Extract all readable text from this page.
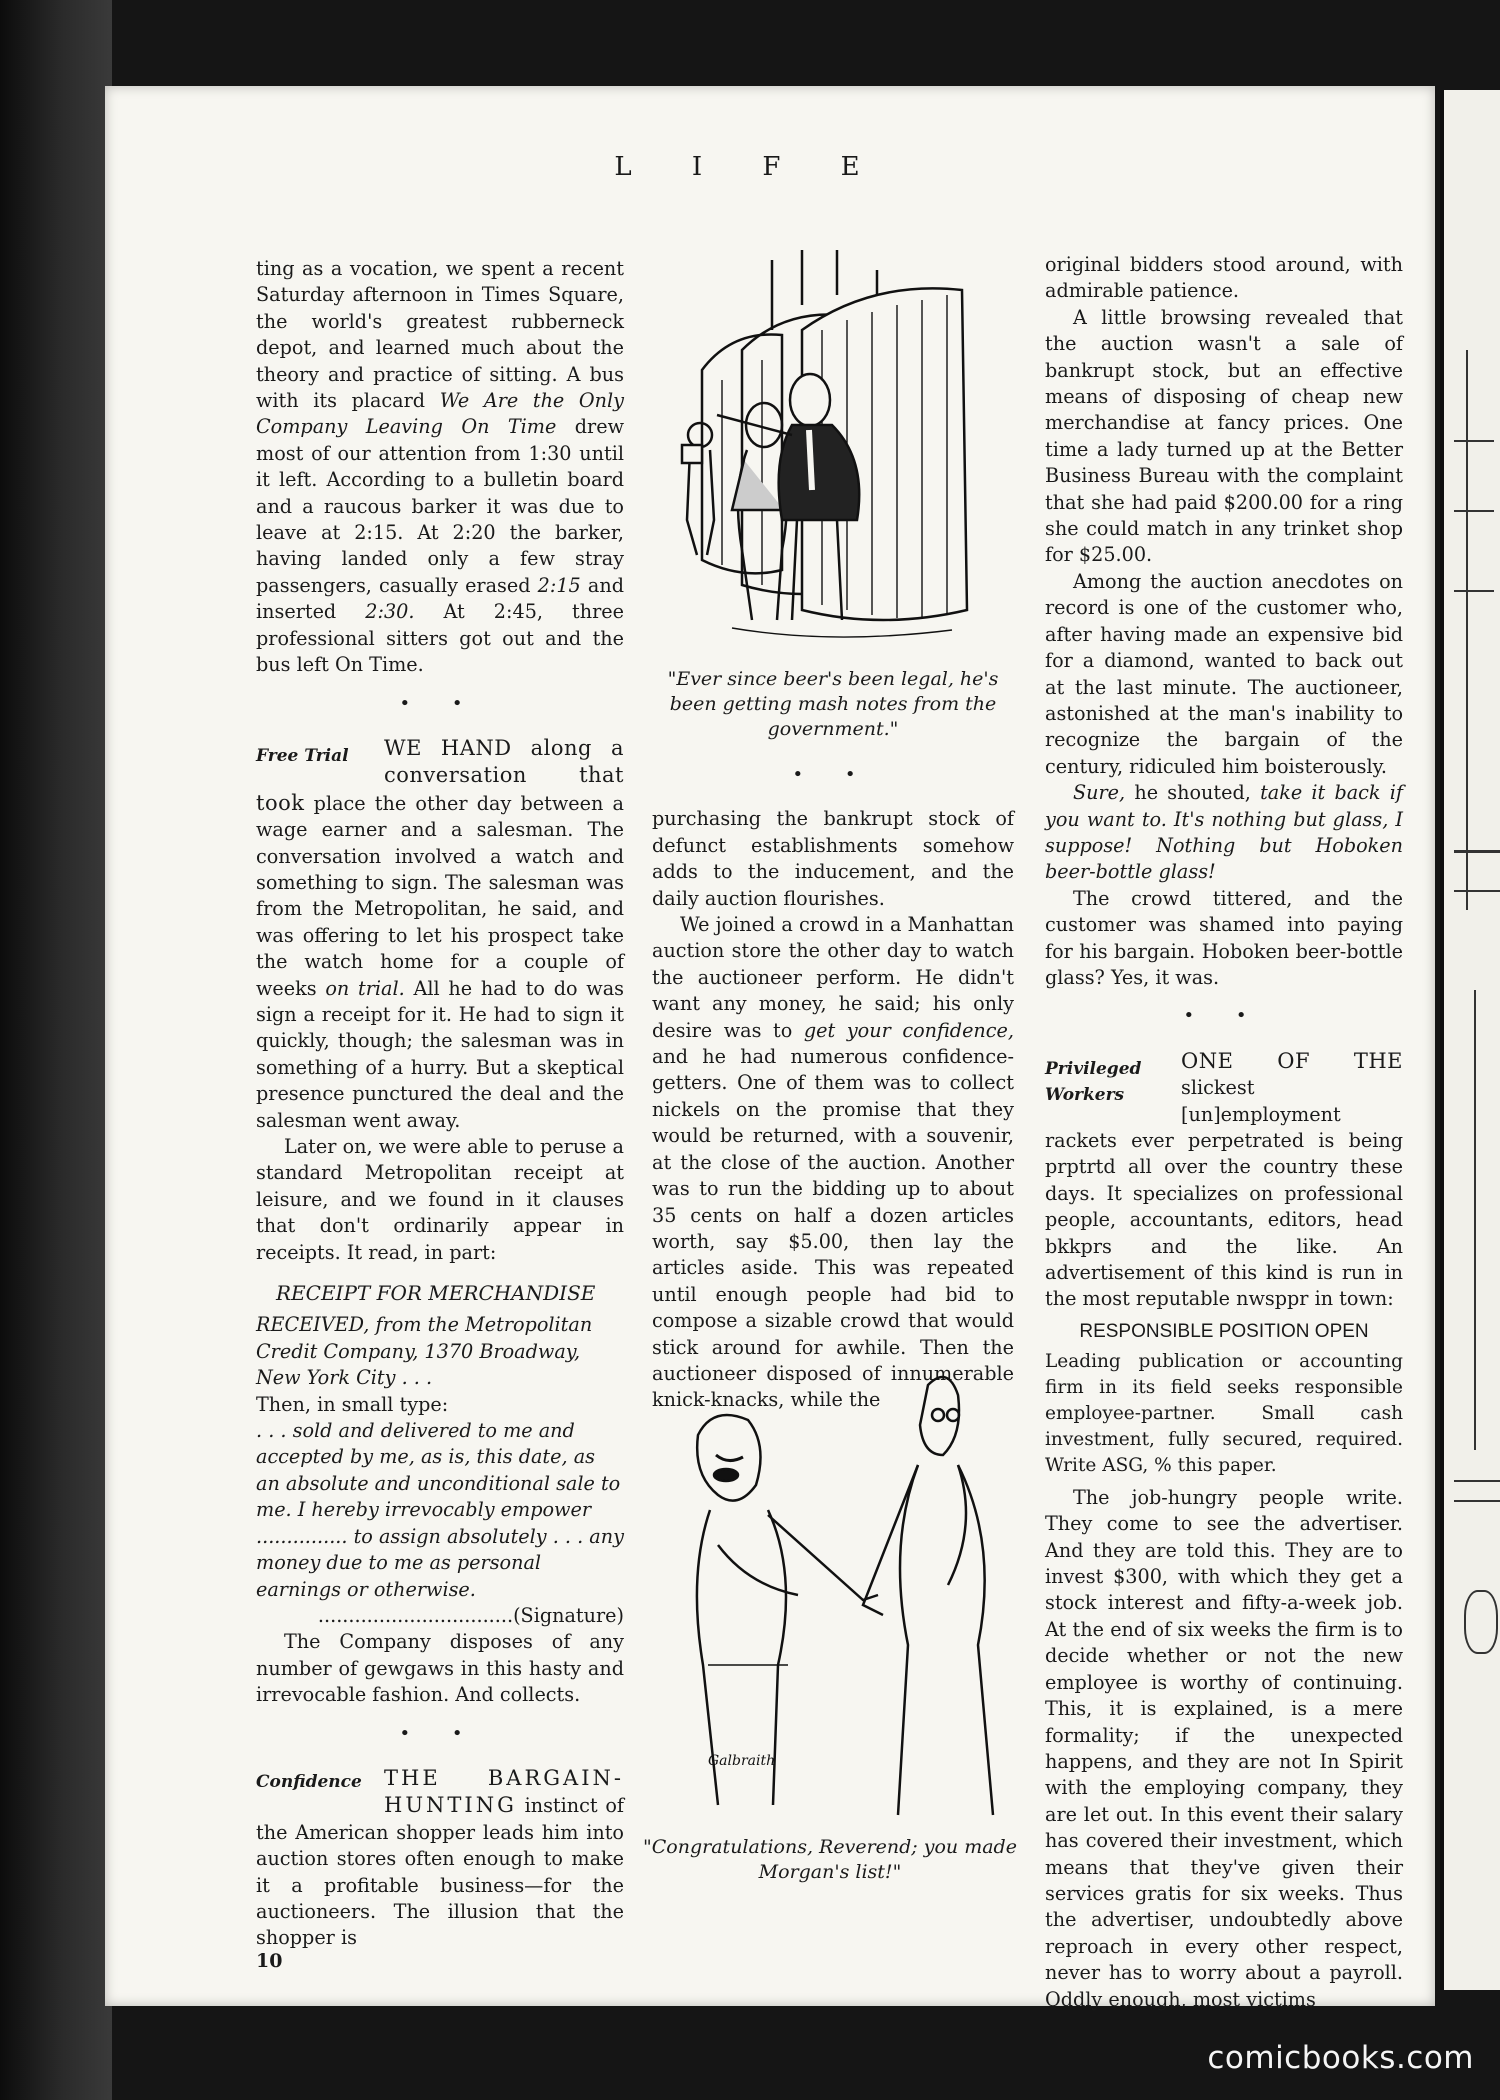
L I F E

ting as a vocation, we spent a recent Saturday afternoon in Times Square, the world's greatest rubberneck depot, and learned much about the theory and practice of sitting. A bus with its placard We Are the Only Company Leaving On Time drew most of our attention from 1:30 until it left. According to a bulletin board and a raucous barker it was due to leave at 2:15. At 2:20 the barker, having landed only a few stray passengers, casually erased 2:15 and inserted 2:30. At 2:45, three professional sitters got out and the bus left On Time.

• •

Free Trial	WE HAND along a conversation that took place the other day between a wage earner and a salesman. The conversation involved a watch and something to sign. The salesman was from the Metropolitan, he said, and was offering to let his prospect take the watch home for a couple of weeks on trial. All he had to do was sign a receipt for it. He had to sign it quickly, though; the salesman was in something of a hurry. But a skeptical presence punctured the deal and the salesman went away.

Later on, we were able to peruse a standard Metropolitan receipt at leisure, and we found in it clauses that don't ordinarily appear in receipts. It read, in part:

RECEIPT FOR MERCHANDISE

RECEIVED, from the Metropolitan Credit Company, 1370 Broadway, New York City . . .

Then, in small type:

. . . sold and delivered to me and accepted by me, as is, this date, as an absolute and unconditional sale to me. I hereby irrevocably empower ............... to assign absolutely . . . any money due to me as personal earnings or otherwise.

................................(Signature)

The Company disposes of any number of gewgaws in this hasty and irrevocable fashion. And collects.

• •

Confidence	THE BARGAIN-HUNTING instinct of the American shopper leads him into auction stores often enough to make it a profitable business—for the auctioneers. The illusion that the shopper is

"Ever since beer's been legal, he's been getting mash notes from the government."
• •

purchasing the bankrupt stock of defunct establishments somehow adds to the inducement, and the daily auction flourishes.

We joined a crowd in a Manhattan auction store the other day to watch the auctioneer perform. He didn't want any money, he said; his only desire was to get your confidence, and he had numerous confidence-getters. One of them was to collect nickels on the promise that they would be returned, with a souvenir, at the close of the auction. Another was to run the bidding up to about 35 cents on half a dozen articles worth, say $5.00, then lay the articles aside. This was repeated until enough people had bid to compose a sizable crowd that would stick around for awhile. Then the auctioneer disposed of innumerable knick-knacks, while the

Galbraith
"Congratulations, Reverend; you made Morgan's list!"

original bidders stood around, with admirable patience.

A little browsing revealed that the auction wasn't a sale of bankrupt stock, but an effective means of disposing of cheap new merchandise at fancy prices. One time a lady turned up at the Better Business Bureau with the complaint that she had paid $200.00 for a ring she could match in any trinket shop for $25.00.

Among the auction anecdotes on record is one of the customer who, after having made an expensive bid for a diamond, wanted to back out at the last minute. The auctioneer, astonished at the man's inability to recognize the bargain of the century, ridiculed him boisterously.

Sure, he shouted, take it back if you want to. It's nothing but glass, I suppose! Nothing but Hoboken beer-bottle glass!

The crowd tittered, and the customer was shamed into paying for his bargain. Hoboken beer-bottle glass? Yes, it was.

• •

Privileged Workers
ONE OF THE slickest [un]employment rackets ever perpetrated is being prptrtd all over the country these days. It specializes on professional people, accountants, editors, head bkkprs and the like. An advertisement of this kind is run in the most reputable nwsppr in town:

RESPONSIBLE POSITION OPEN

Leading publication or accounting firm in its field seeks responsible employee-partner. Small cash investment, fully secured, required. Write ASG, % this paper.

The job-hungry people write. They come to see the advertiser. And they are told this. They are to invest $300, with which they get a stock interest and fifty-a-week job. At the end of six weeks the firm is to decide whether or not the new employee is worthy of continuing. This, it is explained, is a mere formality; if the unexpected happens, and they are not In Spirit with the employing company, they are let out. In this event their salary has covered their investment, which means that they've given their services gratis for six weeks. Thus the advertiser, undoubtedly above reproach in every other respect, never has to worry about a payroll. Oddly enough, most victims

10
comicbooks.com
